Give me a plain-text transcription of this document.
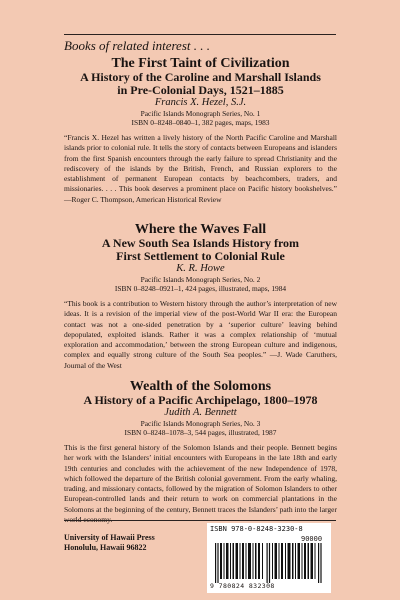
Books of related interest . . .
The First Taint of Civilization
A History of the Caroline and Marshall Islands
in Pre-Colonial Days, 1521–1885
Francis X. Hezel, S.J.
Pacific Islands Monograph Series, No. 1
ISBN 0–8248–0840–1, 382 pages, maps, 1983
“Francis X. Hezel has written a lively history of the North Pacific Caroline and Marshall islands prior to colonial rule. It tells the story of contacts between Europeans and islanders from the first Spanish encounters through the early failure to spread Christianity and the rediscovery of the islands by the British, French, and Russian explorers to the establishment of permanent European contacts by beachcombers, traders, and missionaries. . . . This book deserves a prominent place on Pacific history bookshelves.” —Roger C. Thompson, American Historical Review
Where the Waves Fall
A New South Sea Islands History from
First Settlement to Colonial Rule
K. R. Howe
Pacific Islands Monograph Series, No. 2
ISBN 0–8248–0921–1, 424 pages, illustrated, maps, 1984
“This book is a contribution to Western history through the author’s interpretation of new ideas. It is a revision of the imperial view of the post-World War II era: the European contact was not a one-sided penetration by a ‘superior culture’ leaving behind depopulated, exploited islands. Rather it was a complex relationship of ‘mutual exploration and accommodation,’ between the strong European culture and indigenous, complex and equally strong culture of the South Sea peoples.” —J. Wade Caruthers, Journal of the West
Wealth of the Solomons
A History of a Pacific Archipelago, 1800–1978
Judith A. Bennett
Pacific Islands Monograph Series, No. 3
ISBN 0–8248–1078–3, 544 pages, illustrated, 1987
This is the first general history of the Solomon Islands and their people. Bennett begins her work with the Islanders’ initial encounters with Europeans in the late 18th and early 19th centuries and concludes with the achievement of the new Independence of 1978, which followed the departure of the British colonial government. From the early whaling, trading, and missionary contacts, followed by the migration of Solomon Islanders to other European-controlled lands and their return to work on commercial plantations in the Solomons at the beginning of the century, Bennett traces the Islanders’ path into the larger
University of Hawaii Press
Honolulu, Hawaii 96822
ISBN 978-0-8248-3230-8
90000
9 780824 832308
